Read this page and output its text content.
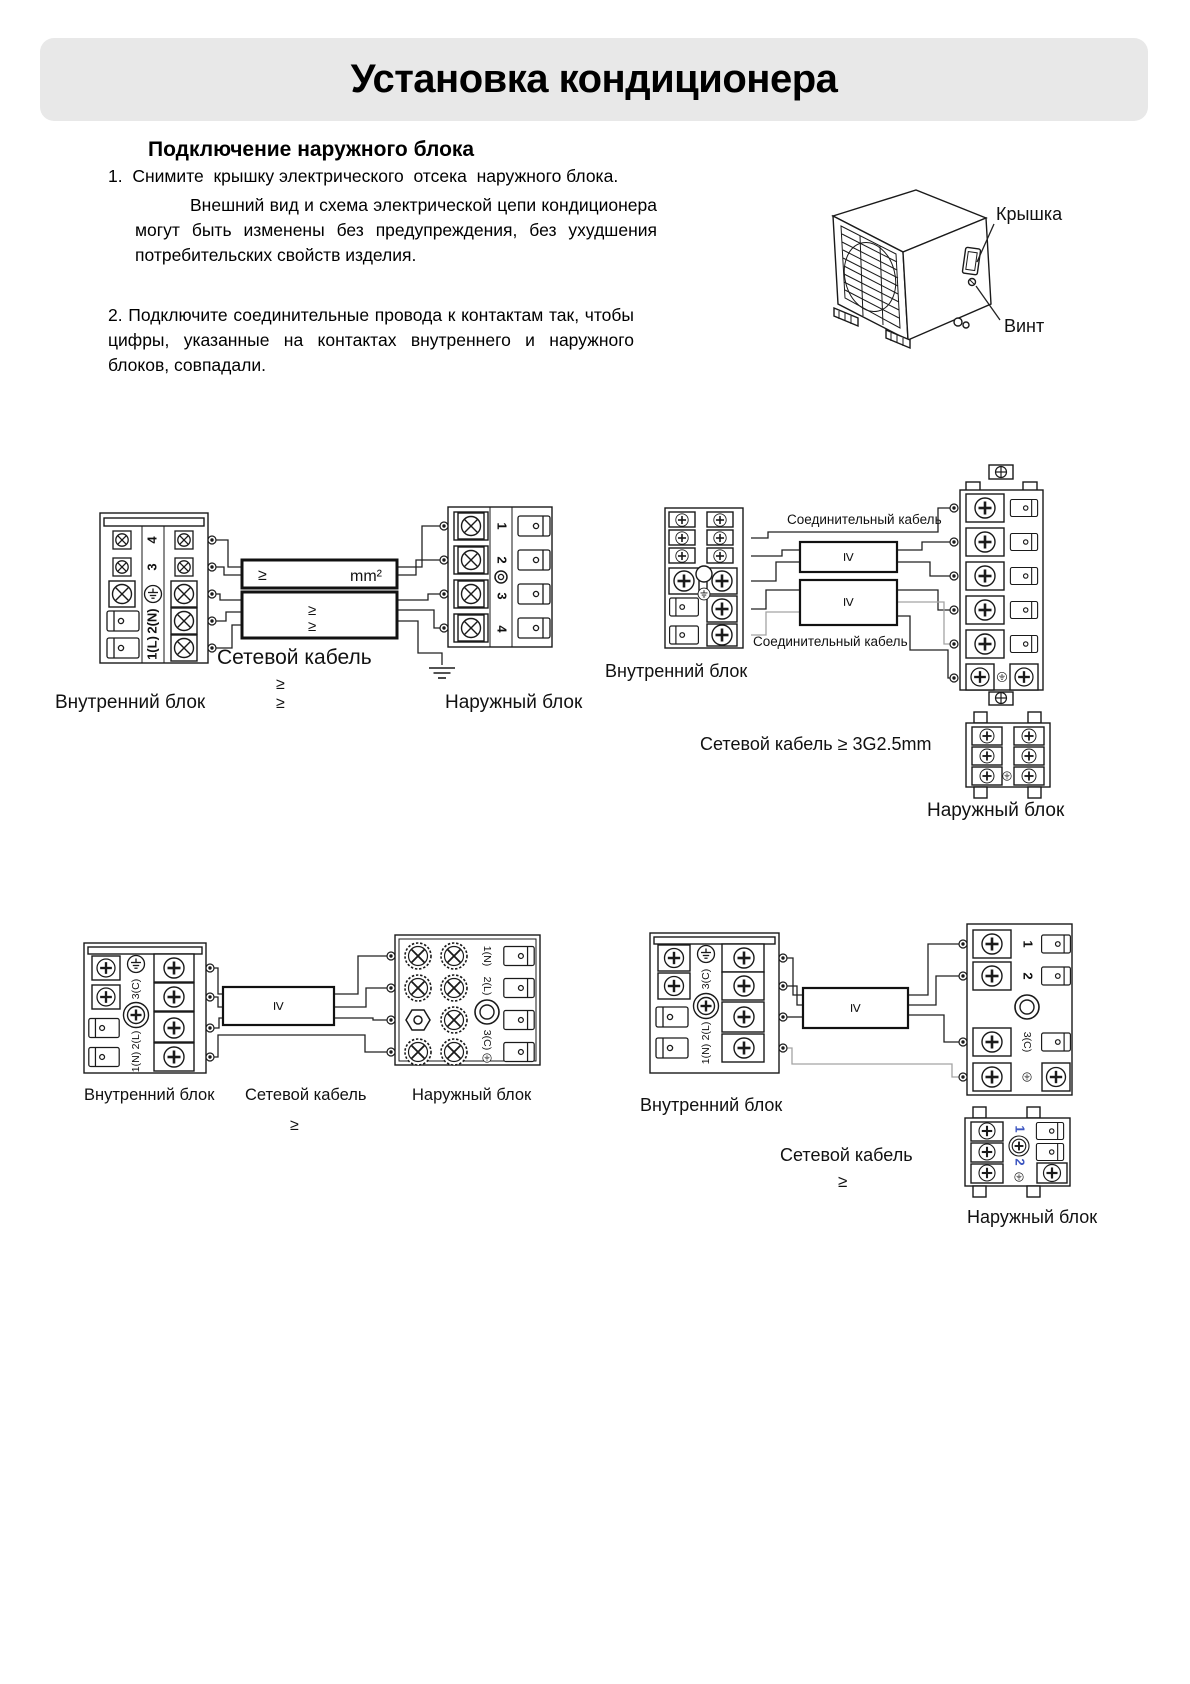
Установка кондиционера
Подключение наружного блока

1.  Снимите  крышку электрического  отсека  наружного блока.

Внешний вид и схема электрической цепи кондиционера могут быть изменены без предупреждения, без ухудшения потребительских свойств изделия.

2. Подключите соединительные провода к контактам так, чтобы цифры, указанные на контактах внутреннего и наружного блоков, совпадали.

Крышка
Винт
4
3
2(N)
1(L)
≥	mm²
≥
≥
1
2
3
4
Сетевой кабель
≥
≥
Внутренний блок	Наружный блок
≥
≥
Соединительный кабель
Соединительный кабель
Внутренний блок
Сетевой кабель ≥ 3G2.5mm
Наружный блок
3(C)
2(L)
1(N)
≥
1(N)
2(L)
3(C)
Внутренний блок Сетевой кабель
≥
Наружный блок
3(C)
2(L)
1(N)
≥
1
2
3(C)
1
2
Внутренний блок
Сетевой кабель
≥
Наружный блок
